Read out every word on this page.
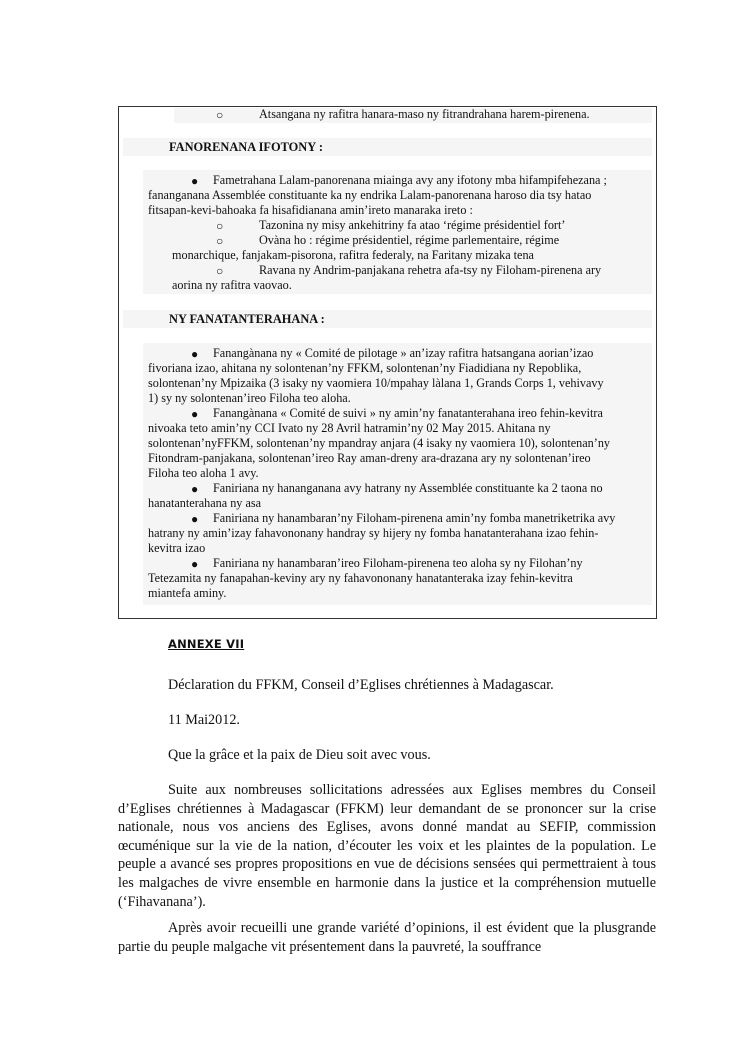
○	Atsangana ny rafitra hanara-maso ny fitrandrahana harem-pirenena.
FANORENANA IFOTONY :
● Fametrahana Lalam-panorenana miainga avy any ifotony mba hifampifehezana ;
fananganana Assemblée constituante ka ny endrika Lalam-panorenana haroso dia tsy hatao
fitsapan-kevi-bahoaka fa hisafidianana amin’ireto manaraka ireto :
○	Tazonina ny misy ankehitriny fa atao ‘régime présidentiel fort’
○	Ovàna ho : régime présidentiel, régime parlementaire, régime
monarchique, fanjakam-pisorona, rafitra federaly, na Faritany mizaka tena
○	Ravana ny Andrim-panjakana rehetra afa-tsy ny Filoham-pirenena ary
aorina ny rafitra vaovao.
NY FANATANTERAHANA :
● Fanangànana ny « Comité de pilotage » an’izay rafitra hatsangana aorian’izao
fivoriana izao, ahitana ny solontenan’ny FFKM, solontenan’ny Fiadidiana ny Repoblika,
solontenan’ny Mpizaika (3 isaky ny vaomiera 10/mpahay làlana 1, Grands Corps 1, vehivavy
1) sy ny solontenan’ireo Filoha teo aloha.
● Fanangànana « Comité de suivi » ny amin’ny fanatanterahana ireo fehin-kevitra
nivoaka teto amin’ny CCI Ivato ny 28 Avril hatramin’ny 02 May 2015. Ahitana ny
solontenan’nyFFKM, solontenan’ny mpandray anjara (4 isaky ny vaomiera 10), solontenan’ny
Fitondram-panjakana, solontenan’ireo Ray aman-dreny ara-drazana ary ny solontenan’ireo
Filoha teo aloha 1 avy.
● Faniriana ny hananganana avy hatrany ny Assemblée constituante ka 2 taona no
hanatanterahana ny asa
● Faniriana ny hanambaran’ny Filoham-pirenena amin’ny fomba manetriketrika avy
hatrany ny amin’izay fahavononany handray sy hijery ny fomba hanatanterahana izao fehin-
kevitra izao
● Faniriana ny hanambaran’ireo Filoham-pirenena teo aloha sy ny Filohan’ny
Tetezamita ny fanapahan-keviny ary ny fahavononany hanatanteraka izay fehin-kevitra
miantefa aminy.
ANNEXE VII
Déclaration du FFKM, Conseil d’Eglises chrétiennes à Madagascar.
11 Mai2012.
Que la grâce et la paix de Dieu soit avec vous.
Suite aux nombreuses sollicitations adressées aux Eglises membres du Conseil d’Eglises chrétiennes à Madagascar (FFKM) leur demandant de se prononcer sur la crise nationale, nous vos anciens des Eglises, avons donné mandat au SEFIP, commission œcuménique sur la vie de la nation, d’écouter les voix et les plaintes de la population. Le peuple a avancé ses propres propositions en vue de décisions sensées qui permettraient à tous les malgaches de vivre ensemble en harmonie dans la justice et la compréhension mutuelle (‘Fihavanana’).
Après avoir recueilli une grande variété d’opinions, il est évident que la plusgrande partie du peuple malgache vit présentement dans la pauvreté, la souffrance
